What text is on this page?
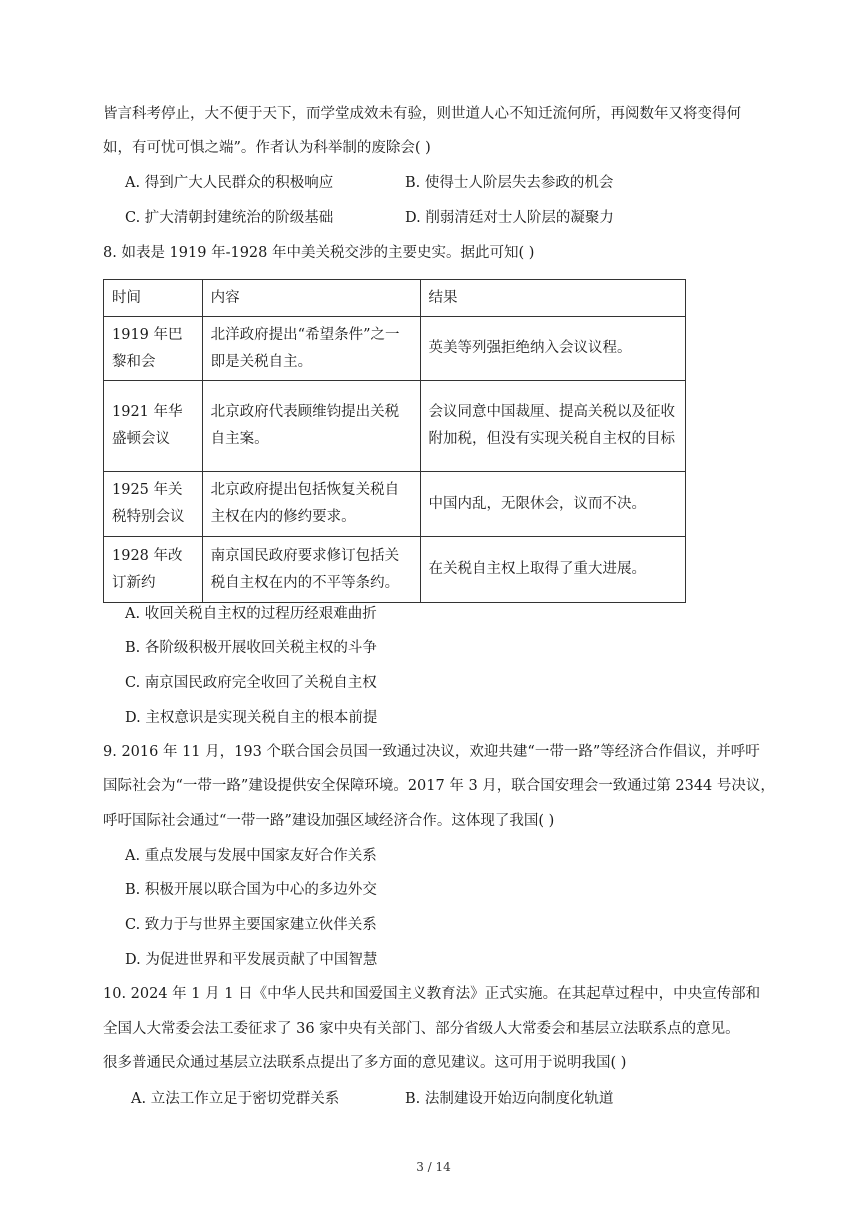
皆言科考停止，大不便于天下，而学堂成效未有验，则世道人心不知迁流何所，再阅数年又将变得何
如，有可忧可惧之端”。作者认为科举制的废除会( )
A. 得到广大人民群众的积极响应	B. 使得士人阶层失去参政的机会
C. 扩大清朝封建统治的阶级基础	D. 削弱清廷对士人阶层的凝聚力
8. 如表是 1919 年-1928 年中美关税交涉的主要史实。据此可知( )
时间	内容	结果
1919 年巴黎和会	北洋政府提出“希望条件”之一即是关税自主。	英美等列强拒绝纳入会议议程。
1921 年华盛顿会议	北京政府代表顾维钧提出关税自主案。	会议同意中国裁厘、提高关税以及征收附加税，但没有实现关税自主权的目标
1925 年关税特别会议	北京政府提出包括恢复关税自主权在内的修约要求。	中国内乱，无限休会，议而不决。
1928 年改订新约	南京国民政府要求修订包括关税自主权在内的不平等条约。	在关税自主权上取得了重大进展。
A. 收回关税自主权的过程历经艰难曲折
B. 各阶级积极开展收回关税主权的斗争
C. 南京国民政府完全收回了关税自主权
D. 主权意识是实现关税自主的根本前提
9. 2016 年 11 月，193 个联合国会员国一致通过决议，欢迎共建“一带一路”等经济合作倡议，并呼吁
国际社会为“一带一路”建设提供安全保障环境。2017 年 3 月，联合国安理会一致通过第 2344 号决议，
呼吁国际社会通过“一带一路”建设加强区域经济合作。这体现了我国( )
A. 重点发展与发展中国家友好合作关系
B. 积极开展以联合国为中心的多边外交
C. 致力于与世界主要国家建立伙伴关系
D. 为促进世界和平发展贡献了中国智慧
10. 2024 年 1 月 1 日《中华人民共和国爱国主义教育法》正式实施。在其起草过程中，中央宣传部和
全国人大常委会法工委征求了 36 家中央有关部门、部分省级人大常委会和基层立法联系点的意见。
很多普通民众通过基层立法联系点提出了多方面的意见建议。这可用于说明我国( )
A. 立法工作立足于密切党群关系	B. 法制建设开始迈向制度化轨道
3 / 14
